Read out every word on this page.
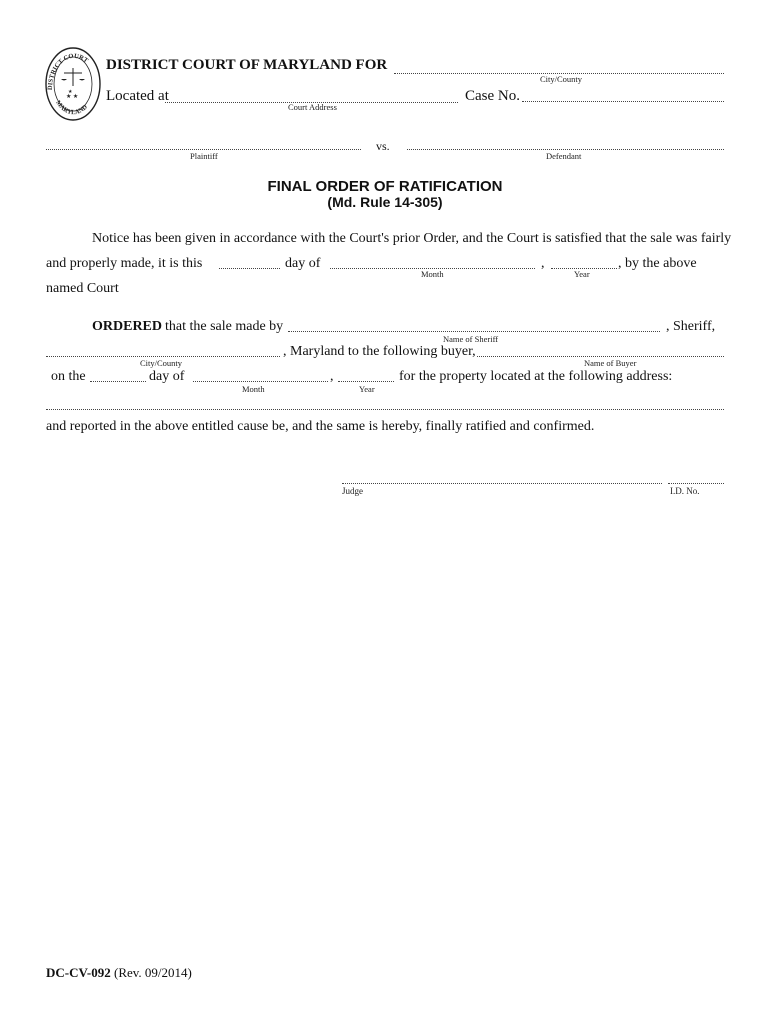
DISTRICT COURT
MARYLAND
★ ★
★
DISTRICT COURT OF MARYLAND FOR
City/County
Located at
Court Address
Case No.
Plaintiff
vs.
Defendant
FINAL ORDER OF RATIFICATION
(Md. Rule 14-305)
Notice has been given in accordance with the Court's prior Order, and the Court is satisfied that the sale was fairly
and properly made, it is this	day of
Month
,
Year
, by the above
named Court
ORDERED that the sale made by
Name of Sheriff
, Sheriff,
City/County
, Maryland to the following buyer,
Name of Buyer
on the	day of
Month
,
Year
for the property located at the following address:
and reported in the above entitled cause be, and the same is hereby, finally ratified and confirmed.
Judge	I.D. No.
DC-CV-092 (Rev. 09/2014)
